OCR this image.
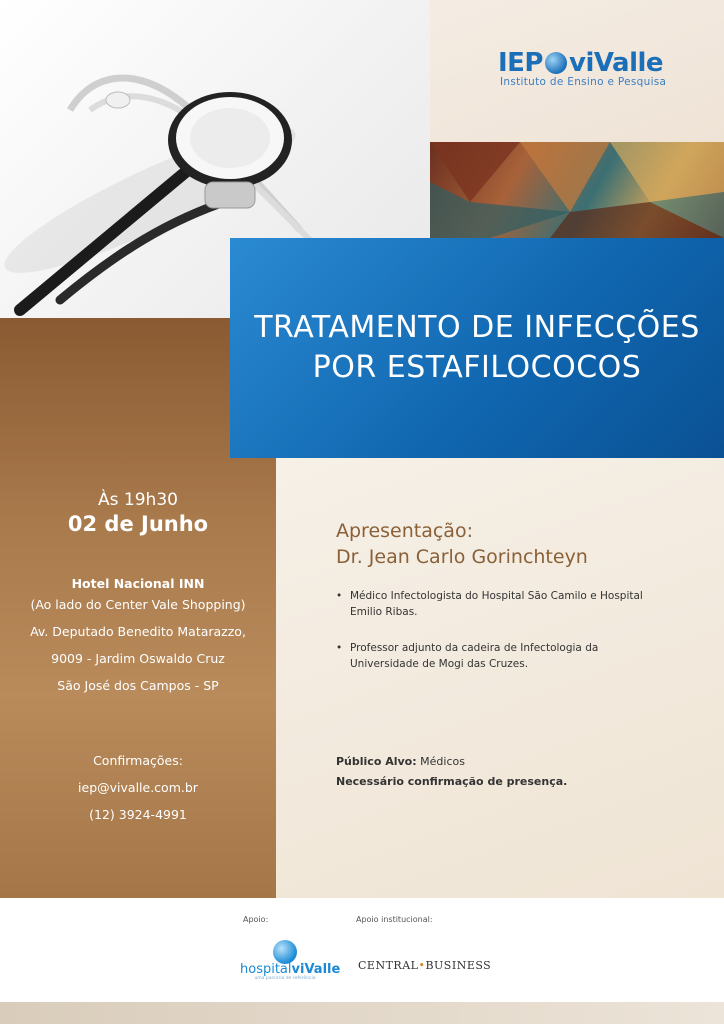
IEP viValle
Instituto de Ensino e Pesquisa
TRATAMENTO DE INFECÇÕES
POR ESTAFILOCOCOS
Às 19h30
02 de Junho
Hotel Nacional INN
(Ao lado do Center Vale Shopping)
Av. Deputado Benedito Matarazzo,
9009 - Jardim Oswaldo Cruz
São José dos Campos - SP
Confirmações:
iep@vivalle.com.br
(12) 3924-4991
Apresentação:
Dr. Jean Carlo Gorinchteyn
• Médico Infectologista do Hospital São Camilo e Hospital Emilio Ribas.
• Professor adjunto da cadeira de Infectologia da Universidade de Mogi das Cruzes.
Público Alvo: Médicos
Necessário confirmação de presença.
Apoio:	Apoio institucional:
hospitalviValle
uma parceria de referência
CENTRAL•BUSINESS
